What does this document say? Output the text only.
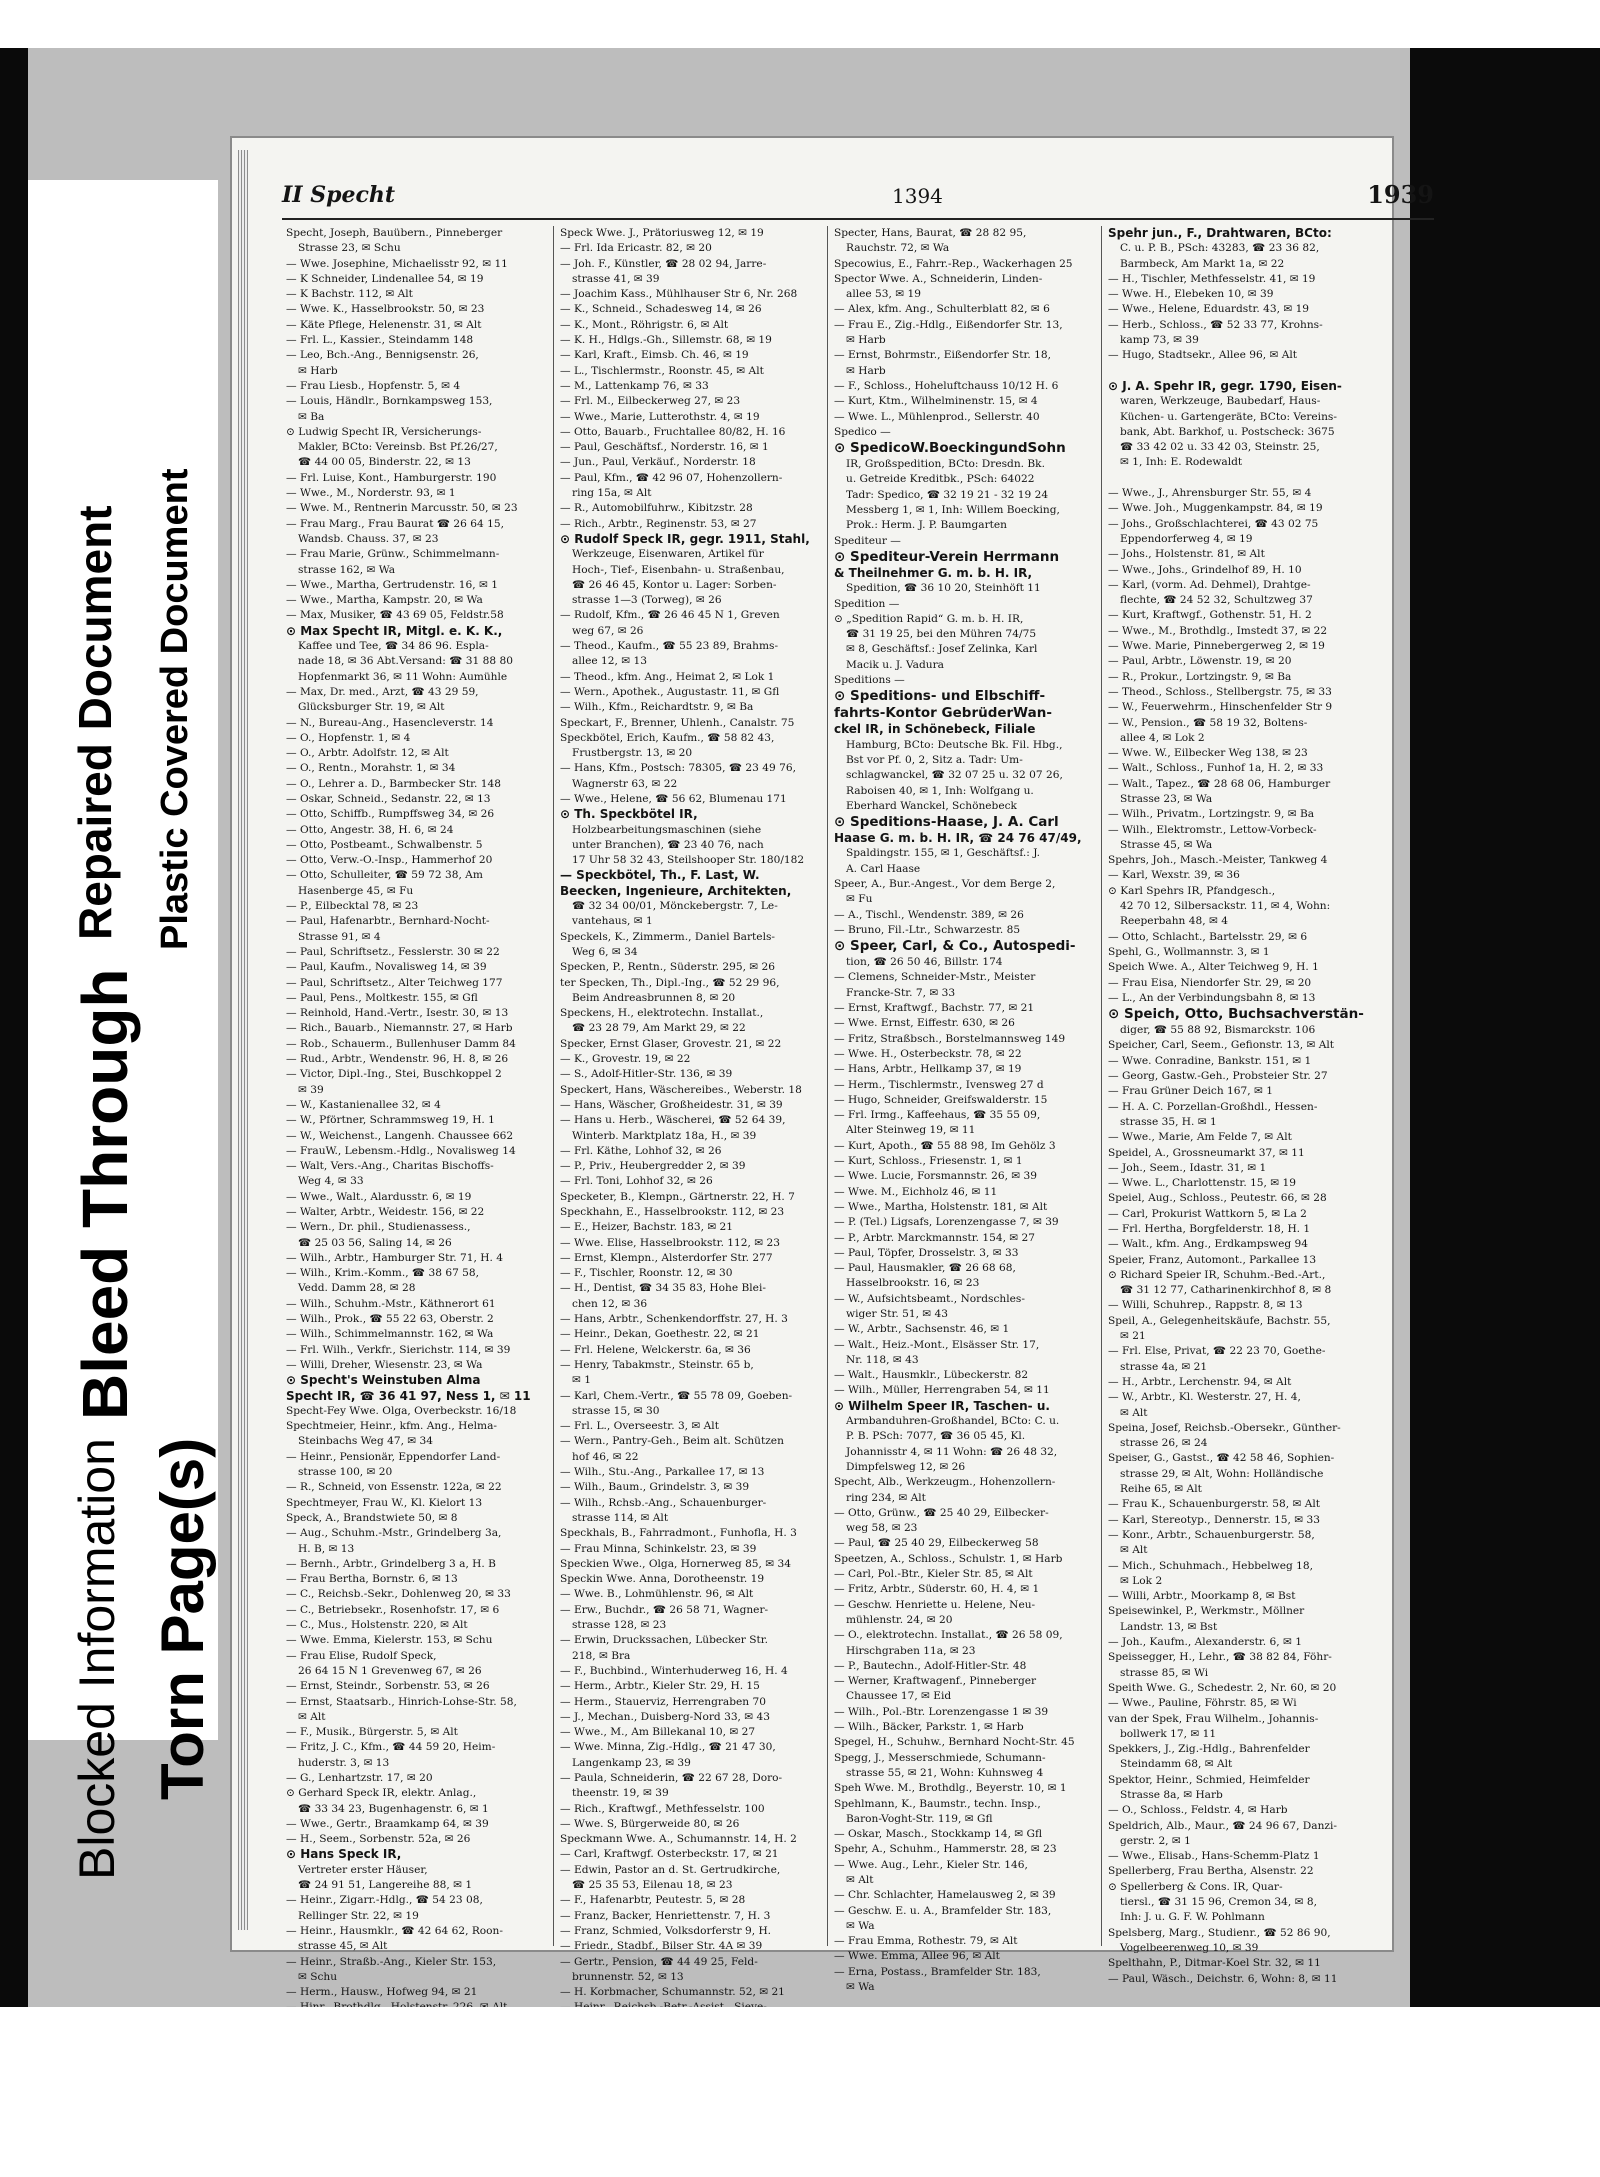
Blocked Information Torn Page(s)
Repaired Document
Bleed Through
Plastic Covered Document
II Specht	1394	1939
Specht, Joseph, Bauübern., Pinneberger
Strasse 23, ✉ Schu
— Wwe. Josephine, Michaelisstr 92, ✉ 11
— K Schneider, Lindenallee 54, ✉ 19
— K Bachstr. 112, ✉ Alt
— Wwe. K., Hasselbrookstr. 50, ✉ 23
— Käte Pflege, Helenenstr. 31, ✉ Alt
— Frl. L., Kassier., Steindamm 148
— Leo, Bch.-Ang., Bennigsenstr. 26,
✉ Harb
— Frau Liesb., Hopfenstr. 5, ✉ 4
— Louis, Händlr., Bornkampsweg 153,
✉ Ba
⊙ Ludwig Specht IR, Versicherungs-
Makler, BCto: Vereinsb. Bst Pf.26/27,
☎ 44 00 05, Binderstr. 22, ✉ 13
— Frl. Luise, Kont., Hamburgerstr. 190
— Wwe., M., Norderstr. 93, ✉ 1
— Wwe. M., Rentnerin Marcusstr. 50, ✉ 23
— Frau Marg., Frau Baurat ☎ 26 64 15,
Wandsb. Chauss. 37, ✉ 23
— Frau Marie, Grünw., Schimmelmann-
strasse 162, ✉ Wa
— Wwe., Martha, Gertrudenstr. 16, ✉ 1
— Wwe., Martha, Kampstr. 20, ✉ Wa
— Max, Musiker, ☎ 43 69 05, Feldstr.58
⊙ Max Specht IR, Mitgl. e. K. K.,
Kaffee und Tee, ☎ 34 86 96. Espla-
nade 18, ✉ 36 Abt.Versand: ☎ 31 88 80
Hopfenmarkt 36, ✉ 11 Wohn: Aumühle
— Max, Dr. med., Arzt, ☎ 43 29 59,
Glücksburger Str. 19, ✉ Alt
— N., Bureau-Ang., Hasencleverstr. 14
— O., Hopfenstr. 1, ✉ 4
— O., Arbtr. Adolfstr. 12, ✉ Alt
— O., Rentn., Morahstr. 1, ✉ 34
— O., Lehrer a. D., Barmbecker Str. 148
— Oskar, Schneid., Sedanstr. 22, ✉ 13
— Otto, Schiffb., Rumpffsweg 34, ✉ 26
— Otto, Angestr. 38, H. 6, ✉ 24
— Otto, Postbeamt., Schwalbenstr. 5
— Otto, Verw.-O.-Insp., Hammerhof 20
— Otto, Schulleiter, ☎ 59 72 38, Am
Hasenberge 45, ✉ Fu
— P., Eilbecktal 78, ✉ 23
— Paul, Hafenarbtr., Bernhard-Nocht-
Strasse 91, ✉ 4
— Paul, Schriftsetz., Fesslerstr. 30 ✉ 22
— Paul, Kaufm., Novalisweg 14, ✉ 39
— Paul, Schriftsetz., Alter Teichweg 177
— Paul, Pens., Moltkestr. 155, ✉ Gfl
— Reinhold, Hand.-Vertr., Isestr. 30, ✉ 13
— Rich., Bauarb., Niemannstr. 27, ✉ Harb
— Rob., Schauerm., Bullenhuser Damm 84
— Rud., Arbtr., Wendenstr. 96, H. 8, ✉ 26
— Victor, Dipl.-Ing., Stei, Buschkoppel 2
✉ 39
— W., Kastanienallee 32, ✉ 4
— W., Pförtner, Schrammsweg 19, H. 1
— W., Weichenst., Langenh. Chaussee 662
— FrauW., Lebensm.-Hdlg., Novalisweg 14
— Walt, Vers.-Ang., Charitas Bischoffs-
Weg 4, ✉ 33
— Wwe., Walt., Alardusstr. 6, ✉ 19
— Walter, Arbtr., Weidestr. 156, ✉ 22
— Wern., Dr. phil., Studienassess.,
☎ 25 03 56, Saling 14, ✉ 26
— Wilh., Arbtr., Hamburger Str. 71, H. 4
— Wilh., Krim.-Komm., ☎ 38 67 58,
Vedd. Damm 28, ✉ 28
— Wilh., Schuhm.-Mstr., Käthnerort 61
— Wilh., Prok., ☎ 55 22 63, Oberstr. 2
— Wilh., Schimmelmannstr. 162, ✉ Wa
— Frl. Wilh., Verkfr., Sierichstr. 114, ✉ 39
— Willi, Dreher, Wiesenstr. 23, ✉ Wa
⊙ Specht's Weinstuben Alma
Specht IR, ☎ 36 41 97, Ness 1, ✉ 11
Specht-Fey Wwe. Olga, Overbeckstr. 16/18
Spechtmeier, Heinr., kfm. Ang., Helma-
Steinbachs Weg 47, ✉ 34
— Heinr., Pensionär, Eppendorfer Land-
strasse 100, ✉ 20
— R., Schneid, von Essenstr. 122a, ✉ 22
Spechtmeyer, Frau W., Kl. Kielort 13
Speck, A., Brandstwiete 50, ✉ 8
— Aug., Schuhm.-Mstr., Grindelberg 3a,
H. B, ✉ 13
— Bernh., Arbtr., Grindelberg 3 a, H. B
— Frau Bertha, Bornstr. 6, ✉ 13
— C., Reichsb.-Sekr., Dohlenweg 20, ✉ 33
— C., Betriebsekr., Rosenhofstr. 17, ✉ 6
— C., Mus., Holstenstr. 220, ✉ Alt
— Wwe. Emma, Kielerstr. 153, ✉ Schu
— Frau Elise, Rudolf Speck,
26 64 15 N 1 Grevenweg 67, ✉ 26
— Ernst, Steindr., Sorbenstr. 53, ✉ 26
— Ernst, Staatsarb., Hinrich-Lohse-Str. 58,
✉ Alt
— F., Musik., Bürgerstr. 5, ✉ Alt
— Fritz, J. C., Kfm., ☎ 44 59 20, Heim-
huderstr. 3, ✉ 13
— G., Lenhartzstr. 17, ✉ 20
⊙ Gerhard Speck IR, elektr. Anlag.,
☎ 33 34 23, Bugenhagenstr. 6, ✉ 1
— Wwe., Gertr., Braamkamp 64, ✉ 39
— H., Seem., Sorbenstr. 52a, ✉ 26
⊙ Hans Speck IR,
Vertreter erster Häuser,
☎ 24 91 51, Langereihe 88, ✉ 1
— Heinr., Zigarr.-Hdlg., ☎ 54 23 08,
Rellinger Str. 22, ✉ 19
— Heinr., Hausmklr., ☎ 42 64 62, Roon-
strasse 45, ✉ Alt
— Heinr., Straßb.-Ang., Kieler Str. 153,
✉ Schu
— Herm., Hausw., Hofweg 94, ✉ 21
Speck Wwe. J., Prätoriusweg 12, ✉ 19
— Frl. Ida Ericastr. 82, ✉ 20
— Joh. F., Künstler, ☎ 28 02 94, Jarre-
strasse 41, ✉ 39
— Joachim Kass., Mühlhauser Str 6, Nr. 268
— K., Schneid., Schadesweg 14, ✉ 26
— K., Mont., Röhrigstr. 6, ✉ Alt
— K. H., Hdlgs.-Gh., Sillemstr. 68, ✉ 19
— Karl, Kraft., Eimsb. Ch. 46, ✉ 19
— L., Tischlermstr., Roonstr. 45, ✉ Alt
— M., Lattenkamp 76, ✉ 33
— Frl. M., Eilbeckerweg 27, ✉ 23
— Wwe., Marie, Lutterothstr. 4, ✉ 19
— Otto, Bauarb., Fruchtallee 80/82, H. 16
— Paul, Geschäftsf., Norderstr. 16, ✉ 1
— Jun., Paul, Verkäuf., Norderstr. 18
— Paul, Kfm., ☎ 42 96 07, Hohenzollern-
ring 15a, ✉ Alt
— R., Automobilfuhrw., Kibitzstr. 28
— Rich., Arbtr., Reginenstr. 53, ✉ 27
⊙ Rudolf Speck IR, gegr. 1911, Stahl,
Werkzeuge, Eisenwaren, Artikel für
Hoch-, Tief-, Eisenbahn- u. Straßenbau,
☎ 26 46 45, Kontor u. Lager: Sorben-
strasse 1—3 (Torweg), ✉ 26
— Rudolf, Kfm., ☎ 26 46 45 N 1, Greven
weg 67, ✉ 26
— Theod., Kaufm., ☎ 55 23 89, Brahms-
allee 12, ✉ 13
— Theod., kfm. Ang., Heimat 2, ✉ Lok 1
— Wern., Apothek., Augustastr. 11, ✉ Gfl
— Wilh., Kfm., Reichardtstr. 9, ✉ Ba
Speckart, F., Brenner, Uhlenh., Canalstr. 75
Speckbötel, Erich, Kaufm., ☎ 58 82 43,
Frustbergstr. 13, ✉ 20
— Hans, Kfm., Postsch: 78305, ☎ 23 49 76,
Wagnerstr 63, ✉ 22
— Wwe., Helene, ☎ 56 62, Blumenau 171
⊙ Th. Speckbötel IR,
Holzbearbeitungsmaschinen (siehe
unter Branchen), ☎ 23 40 76, nach
17 Uhr 58 32 43, Steilshooper Str. 180/182
— Speckbötel, Th., F. Last, W.
Beecken, Ingenieure, Architekten,
☎ 32 34 00/01, Mönckebergstr. 7, Le-
vantehaus, ✉ 1
Speckels, K., Zimmerm., Daniel Bartels-
Weg 6, ✉ 34
Specken, P., Rentn., Süderstr. 295, ✉ 26
ter Specken, Th., Dipl.-Ing., ☎ 52 29 96,
Beim Andreasbrunnen 8, ✉ 20
Speckens, H., elektrotechn. Installat.,
☎ 23 28 79, Am Markt 29, ✉ 22
Specker, Ernst Glaser, Grovestr. 21, ✉ 22
— K., Grovestr. 19, ✉ 22
— S., Adolf-Hitler-Str. 136, ✉ 39
Speckert, Hans, Wäschereibes., Weberstr. 18
— Hans, Wäscher, Großheidestr. 31, ✉ 39
— Hans u. Herb., Wäscherei, ☎ 52 64 39,
Winterb. Marktplatz 18a, H., ✉ 39
— Frl. Käthe, Lohhof 32, ✉ 26
— P., Priv., Heubergredder 2, ✉ 39
— Frl. Toni, Lohhof 32, ✉ 26
Specketer, B., Klempn., Gärtnerstr. 22, H. 7
Speckhahn, E., Hasselbrookstr. 112, ✉ 23
— E., Heizer, Bachstr. 183, ✉ 21
— Wwe. Elise, Hasselbrookstr. 112, ✉ 23
— Ernst, Klempn., Alsterdorfer Str. 277
— F., Tischler, Roonstr. 12, ✉ 30
— H., Dentist, ☎ 34 35 83, Hohe Blei-
chen 12, ✉ 36
— Hans, Arbtr., Schenkendorffstr. 27, H. 3
— Heinr., Dekan, Goethestr. 22, ✉ 21
— Frl. Helene, Welckerstr. 6a, ✉ 36
— Henry, Tabakmstr., Steinstr. 65 b,
✉ 1
— Karl, Chem.-Vertr., ☎ 55 78 09, Goeben-
strasse 15, ✉ 30
— Frl. L., Overseestr. 3, ✉ Alt
— Wern., Pantry-Geh., Beim alt. Schützen
hof 46, ✉ 22
— Wilh., Stu.-Ang., Parkallee 17, ✉ 13
— Wilh., Baum., Grindelstr. 3, ✉ 39
— Wilh., Rchsb.-Ang., Schauenburger-
strasse 114, ✉ Alt
Speckhals, B., Fahrradmont., Funhofla, H. 3
— Frau Minna, Schinkelstr. 23, ✉ 39
Speckien Wwe., Olga, Hornerweg 85, ✉ 34
Speckin Wwe. Anna, Dorotheenstr. 19
— Wwe. B., Lohmühlenstr. 96, ✉ Alt
— Erw., Buchdr., ☎ 26 58 71, Wagner-
strasse 128, ✉ 23
— Erwin, Druckssachen, Lübecker Str.
218, ✉ Bra
— F., Buchbind., Winterhuderweg 16, H. 4
— Herm., Arbtr., Kieler Str. 29, H. 15
— Herm., Stauerviz, Herrengraben 70
— J., Mechan., Duisberg-Nord 33, ✉ 43
— Wwe., M., Am Billekanal 10, ✉ 27
— Wwe. Minna, Zig.-Hdlg., ☎ 21 47 30,
Langenkamp 23, ✉ 39
— Paula, Schneiderin, ☎ 22 67 28, Doro-
theenstr. 19, ✉ 39
— Rich., Kraftwgf., Methfesselstr. 100
— Wwe. S, Bürgerweide 80, ✉ 26
Speckmann Wwe. A., Schumannstr. 14, H. 2
— Carl, Kraftwgf. Osterbeckstr. 17, ✉ 21
— Edwin, Pastor an d. St. Gertrudkirche,
☎ 25 35 53, Eilenau 18, ✉ 23
— F., Hafenarbtr, Peutestr. 5, ✉ 28
— Franz, Backer, Henriettenstr. 7, H. 3
— Franz, Schmied, Volksdorferstr 9, H.
— Friedr., Stadbf., Bilser Str. 4A ✉ 39
— Gertr., Pension, ☎ 44 49 25, Feld-
brunnenstr. 52, ✉ 13
— H. Korbmacher, Schumannstr. 52, ✉ 21
Specter, Hans, Baurat, ☎ 28 82 95,
Rauchstr. 72, ✉ Wa
Specowius, E., Fahrr.-Rep., Wackerhagen 25
Spector Wwe. A., Schneiderin, Linden-
allee 53, ✉ 19
— Alex, kfm. Ang., Schulterblatt 82, ✉ 6
— Frau E., Zig.-Hdlg., Eißendorfer Str. 13,
✉ Harb
— Ernst, Bohrmstr., Eißendorfer Str. 18,
✉ Harb
— F., Schloss., Hoheluftchauss 10/12 H. 6
— Kurt, Ktm., Wilhelminenstr. 15, ✉ 4
— Wwe. L., Mühlenprod., Sellerstr. 40
Spedico —
⊙ SpedicoW.BoeckingundSohn
IR, Großspedition, BCto: Dresdn. Bk.
u. Getreide Kreditbk., PSch: 64022
Tadr: Spedico, ☎ 32 19 21 - 32 19 24
Messberg 1, ✉ 1, Inh: Willem Boecking,
Prok.: Herm. J. P. Baumgarten
Spediteur —
⊙ Spediteur-Verein Herrmann
& Theilnehmer G. m. b. H. IR,
Spedition, ☎ 36 10 20, Steinhöft 11
Spedition —
⊙ „Spedition Rapid“ G. m. b. H. IR,
☎ 31 19 25, bei den Mühren 74/75
✉ 8, Geschäftsf.: Josef Zelinka, Karl
Macik u. J. Vadura
Speditions —
⊙ Speditions- und Elbschiff-
fahrts-Kontor GebrüderWan-
ckel IR, in Schönebeck, Filiale
Hamburg, BCto: Deutsche Bk. Fil. Hbg.,
Bst vor Pf. 0, 2, Sitz a. Tadr: Um-
schlagwanckel, ☎ 32 07 25 u. 32 07 26,
Raboisen 40, ✉ 1, Inh: Wolfgang u.
Eberhard Wanckel, Schönebeck
⊙ Speditions-Haase, J. A. Carl
Haase G. m. b. H. IR, ☎ 24 76 47/49,
Spaldingstr. 155, ✉ 1, Geschäftsf.: J.
A. Carl Haase
Speer, A., Bur.-Angest., Vor dem Berge 2,
✉ Fu
— A., Tischl., Wendenstr. 389, ✉ 26
— Bruno, Fil.-Ltr., Schwarzestr. 85
⊙ Speer, Carl, & Co., Autospedi-
tion, ☎ 26 50 46, Billstr. 174
— Clemens, Schneider-Mstr., Meister
Francke-Str. 7, ✉ 33
— Ernst, Kraftwgf., Bachstr. 77, ✉ 21
— Wwe. Ernst, Eiffestr. 630, ✉ 26
— Fritz, Straßbsch., Borstelmannsweg 149
— Wwe. H., Osterbeckstr. 78, ✉ 22
— Hans, Arbtr., Hellkamp 37, ✉ 19
— Herm., Tischlermstr., Ivensweg 27 d
— Hugo, Schneider, Greifswalderstr. 15
— Frl. Irmg., Kaffeehaus, ☎ 35 55 09,
Alter Steinweg 19, ✉ 11
— Kurt, Apoth., ☎ 55 88 98, Im Gehölz 3
— Kurt, Schloss., Friesenstr. 1, ✉ 1
— Wwe. Lucie, Forsmannstr. 26, ✉ 39
— Wwe. M., Eichholz 46, ✉ 11
— Wwe., Martha, Holstenstr. 181, ✉ Alt
— P. (Tel.) Ligsafs, Lorenzengasse 7, ✉ 39
— P., Arbtr. Marckmannstr. 154, ✉ 27
— Paul, Töpfer, Drosselstr. 3, ✉ 33
— Paul, Hausmakler, ☎ 26 68 68,
Hasselbrookstr. 16, ✉ 23
— W., Aufsichtsbeamt., Nordschles-
wiger Str. 51, ✉ 43
— W., Arbtr., Sachsenstr. 46, ✉ 1
— Walt., Heiz.-Mont., Elsässer Str. 17,
Nr. 118, ✉ 43
— Walt., Hausmklr., Lübeckerstr. 82
— Wilh., Müller, Herrengraben 54, ✉ 11
⊙ Wilhelm Speer IR, Taschen- u.
Armbanduhren-Großhandel, BCto: C. u.
P. B. PSch: 7077, ☎ 36 05 45, Kl.
Johannisstr 4, ✉ 11 Wohn: ☎ 26 48 32,
Dimpfelsweg 12, ✉ 26
Specht, Alb., Werkzeugm., Hohenzollern-
ring 234, ✉ Alt
— Otto, Grünw., ☎ 25 40 29, Eilbecker-
weg 58, ✉ 23
— Paul, ☎ 25 40 29, Eilbeckerweg 58
Speetzen, A., Schloss., Schulstr. 1, ✉ Harb
— Carl, Pol.-Btr., Kieler Str. 85, ✉ Alt
— Fritz, Arbtr., Süderstr. 60, H. 4, ✉ 1
— Geschw. Henriette u. Helene, Neu-
mühlenstr. 24, ✉ 20
— O., elektrotechn. Installat., ☎ 26 58 09,
Hirschgraben 11a, ✉ 23
— P., Bautechn., Adolf-Hitler-Str. 48
— Werner, Kraftwagenf., Pinneberger
Chaussee 17, ✉ Eid
— Wilh., Pol.-Btr. Lorenzengasse 1 ✉ 39
— Wilh., Bäcker, Parkstr. 1, ✉ Harb
Spegel, H., Schuhw., Bernhard Nocht-Str. 45
Spegg, J., Messerschmiede, Schumann-
strasse 55, ✉ 21, Wohn: Kuhnsweg 4
Speh Wwe. M., Brothdlg., Beyerstr. 10, ✉ 1
Spehlmann, K., Baumstr., techn. Insp.,
Baron-Voght-Str. 119, ✉ Gfl
— Oskar, Masch., Stockkamp 14, ✉ Gfl
Spehr, A., Schuhm., Hammerstr. 28, ✉ 23
— Wwe. Aug., Lehr., Kieler Str. 146,
✉ Alt
— Chr. Schlachter, Hamelausweg 2, ✉ 39
— Geschw. E. u. A., Bramfelder Str. 183,
✉ Wa
— Frau Emma, Rothestr. 79, ✉ Alt
— Wwe. Emma, Allee 96, ✉ Alt
— Erna, Postass., Bramfelder Str. 183,
✉ Wa
Spehr jun., F., Drahtwaren, BCto:
C. u. P. B., PSch: 43283, ☎ 23 36 82,
Barmbeck, Am Markt 1a, ✉ 22
— H., Tischler, Methfesselstr. 41, ✉ 19
— Wwe. H., Elebeken 10, ✉ 39
— Wwe., Helene, Eduardstr. 43, ✉ 19
— Herb., Schloss., ☎ 52 33 77, Krohns-
kamp 73, ✉ 39
— Hugo, Stadtsekr., Allee 96, ✉ Alt

⊙ J. A. Spehr IR, gegr. 1790, Eisen-
waren, Werkzeuge, Baubedarf, Haus-
Küchen- u. Gartengeräte, BCto: Vereins-
bank, Abt. Barkhof, u. Postscheck: 3675
☎ 33 42 02 u. 33 42 03, Steinstr. 25,
✉ 1, Inh: E. Rodewaldt

— Wwe., J., Ahrensburger Str. 55, ✉ 4
— Wwe. Joh., Muggenkampstr. 84, ✉ 19
— Johs., Großschlachterei, ☎ 43 02 75
Eppendorferweg 4, ✉ 19
— Johs., Holstenstr. 81, ✉ Alt
— Wwe., Johs., Grindelhof 89, H. 10
— Karl, (vorm. Ad. Dehmel), Drahtge-
flechte, ☎ 24 52 32, Schultzweg 37
— Kurt, Kraftwgf., Gothenstr. 51, H. 2
— Wwe., M., Brothdlg., Imstedt 37, ✉ 22
— Wwe. Marie, Pinnebergerweg 2, ✉ 19
— Paul, Arbtr., Löwenstr. 19, ✉ 20
— R., Prokur., Lortzingstr. 9, ✉ Ba
— Theod., Schloss., Stellbergstr. 75, ✉ 33
— W., Feuerwehrm., Hinschenfelder Str 9
— W., Pension., ☎ 58 19 32, Boltens-
allee 4, ✉ Lok 2
— Wwe. W., Eilbecker Weg 138, ✉ 23
— Walt., Schloss., Funhof 1a, H. 2, ✉ 33
— Walt., Tapez., ☎ 28 68 06, Hamburger
Strasse 23, ✉ Wa
— Wilh., Privatm., Lortzingstr. 9, ✉ Ba
— Wilh., Elektromstr., Lettow-Vorbeck-
Strasse 45, ✉ Wa
Spehrs, Joh., Masch.-Meister, Tankweg 4
— Karl, Wexstr. 39, ✉ 36
⊙ Karl Spehrs IR, Pfandgesch.,
42 70 12, Silbersackstr. 11, ✉ 4, Wohn:
Reeperbahn 48, ✉ 4
— Otto, Schlacht., Bartelsstr. 29, ✉ 6
Spehl, G., Wollmannstr. 3, ✉ 1
Speich Wwe. A., Alter Teichweg 9, H. 1
— Frau Eisa, Niendorfer Str. 29, ✉ 20
— L., An der Verbindungsbahn 8, ✉ 13
⊙ Speich, Otto, Buchsachverstän-
diger, ☎ 55 88 92, Bismarckstr. 106
Speicher, Carl, Seem., Gefionstr. 13, ✉ Alt
— Wwe. Conradine, Bankstr. 151, ✉ 1
— Georg, Gastw.-Geh., Probsteier Str. 27
— Frau Grüner Deich 167, ✉ 1
— H. A. C. Porzellan-Großhdl., Hessen-
strasse 35, H. ✉ 1
— Wwe., Marie, Am Felde 7, ✉ Alt
Speidel, A., Grossneumarkt 37, ✉ 11
— Joh., Seem., Idastr. 31, ✉ 1
— Wwe. L., Charlottenstr. 15, ✉ 19
Speiel, Aug., Schloss., Peutestr. 66, ✉ 28
— Carl, Prokurist Wattkorn 5, ✉ La 2
— Frl. Hertha, Borgfelderstr. 18, H. 1
— Walt., kfm. Ang., Erdkampsweg 94
Speier, Franz, Automont., Parkallee 13
⊙ Richard Speier IR, Schuhm.-Bed.-Art.,
☎ 31 12 77, Catharinenkirchhof 8, ✉ 8
— Willi, Schuhrep., Rappstr. 8, ✉ 13
Speil, A., Gelegenheitskäufe, Bachstr. 55,
✉ 21
— Frl. Else, Privat, ☎ 22 23 70, Goethe-
strasse 4a, ✉ 21
— H., Arbtr., Lerchenstr. 94, ✉ Alt
— W., Arbtr., Kl. Westerstr. 27, H. 4,
✉ Alt
Speina, Josef, Reichsb.-Obersekr., Günther-
strasse 26, ✉ 24
Speiser, G., Gastst., ☎ 42 58 46, Sophien-
strasse 29, ✉ Alt, Wohn: Holländische
Reihe 65, ✉ Alt
— Frau K., Schauenburgerstr. 58, ✉ Alt
— Karl, Stereotyp., Dennerstr. 15, ✉ 33
— Konr., Arbtr., Schauenburgerstr. 58,
✉ Alt
— Mich., Schuhmach., Hebbelweg 18,
✉ Lok 2
— Willi, Arbtr., Moorkamp 8, ✉ Bst
Speisewinkel, P., Werkmstr., Möllner
Landstr. 13, ✉ Bst
— Joh., Kaufm., Alexanderstr. 6, ✉ 1
Speissegger, H., Lehr., ☎ 38 82 84, Föhr-
strasse 85, ✉ Wi
Speith Wwe. G., Schedestr. 2, Nr. 60, ✉ 20
— Wwe., Pauline, Föhrstr. 85, ✉ Wi
van der Spek, Frau Wilhelm., Johannis-
bollwerk 17, ✉ 11
Spekkers, J., Zig.-Hdlg., Bahrenfelder
Steindamm 68, ✉ Alt
Spektor, Heinr., Schmied, Heimfelder
Strasse 8a, ✉ Harb
— O., Schloss., Feldstr. 4, ✉ Harb
Speldrich, Alb., Maur., ☎ 24 96 67, Danzi-
gerstr. 2, ✉ 1
— Wwe., Elisab., Hans-Schemm-Platz 1
Spellerberg, Frau Bertha, Alsenstr. 22
⊙ Spellerberg & Cons. IR, Quar-
tiersl., ☎ 31 15 96, Cremon 34, ✉ 8,
Inh: J. u. G. F. W. Pohlmann
Spelsberg, Marg., Studienr., ☎ 52 86 90,
Vogelbeerenweg 10, ✉ 39
Spelthahn, P., Ditmar-Koel Str. 32, ✉ 11
— Paul, Wäsch., Deichstr. 6, Wohn: 8, ✉ 11
